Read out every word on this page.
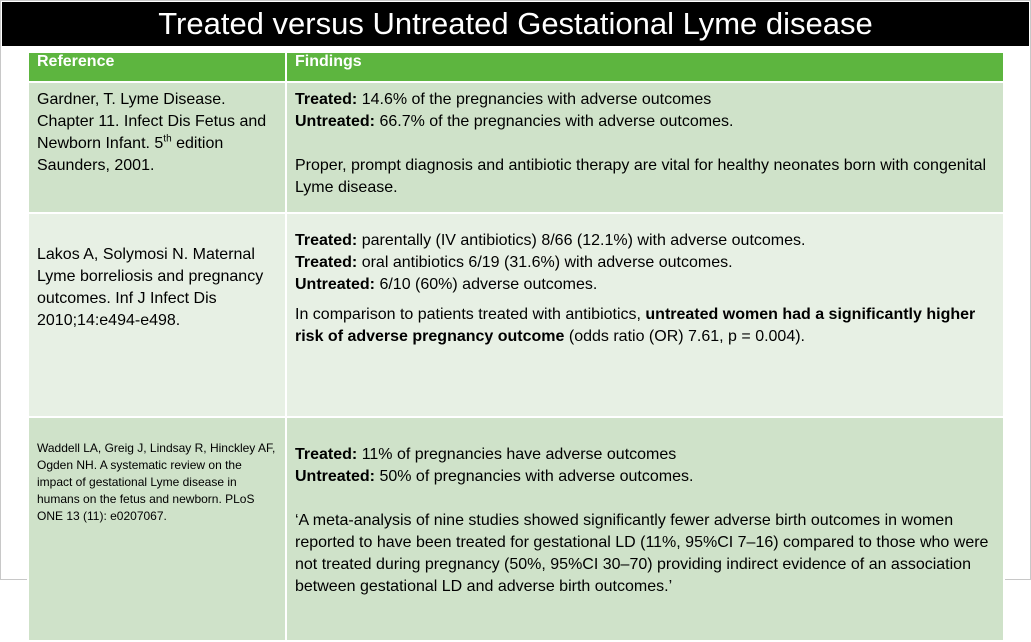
Treated versus Untreated Gestational Lyme disease
Reference	Findings
Gardner, T. Lyme Disease. Chapter 11. Infect Dis Fetus and Newborn Infant. 5th edition Saunders, 2001.	Treated: 14.6% of the pregnancies with adverse outcomes

Untreated: 66.7% of the pregnancies with adverse outcomes.

Proper, prompt diagnosis and antibiotic therapy are vital for healthy neonates born with congenital Lyme disease.

Lakos A, Solymosi N. Maternal Lyme borreliosis and pregnancy outcomes. Inf J Infect Dis 2010;14:e494-e498.	Treated: parentally (IV antibiotics) 8/66 (12.1%) with adverse outcomes.

Treated: oral antibiotics 6/19 (31.6%) with adverse outcomes.

Untreated: 6/10 (60%) adverse outcomes.

In comparison to patients treated with antibiotics, untreated women had a significantly higher risk of adverse pregnancy outcome (odds ratio (OR) 7.61, p = 0.004).

Waddell LA, Greig J, Lindsay R, Hinckley AF, Ogden NH. A systematic review on the impact of gestational Lyme disease in humans on the fetus and newborn. PLoS ONE 13 (11): e0207067.	Treated: 11% of pregnancies have adverse outcomes

Untreated: 50% of pregnancies with adverse outcomes.

‘A meta-analysis of nine studies showed significantly fewer adverse birth outcomes in women reported to have been treated for gestational LD (11%, 95%CI 7–16) compared to those who were not treated during pregnancy (50%, 95%CI 30–70) providing indirect evidence of an association between gestational LD and adverse birth outcomes.’
